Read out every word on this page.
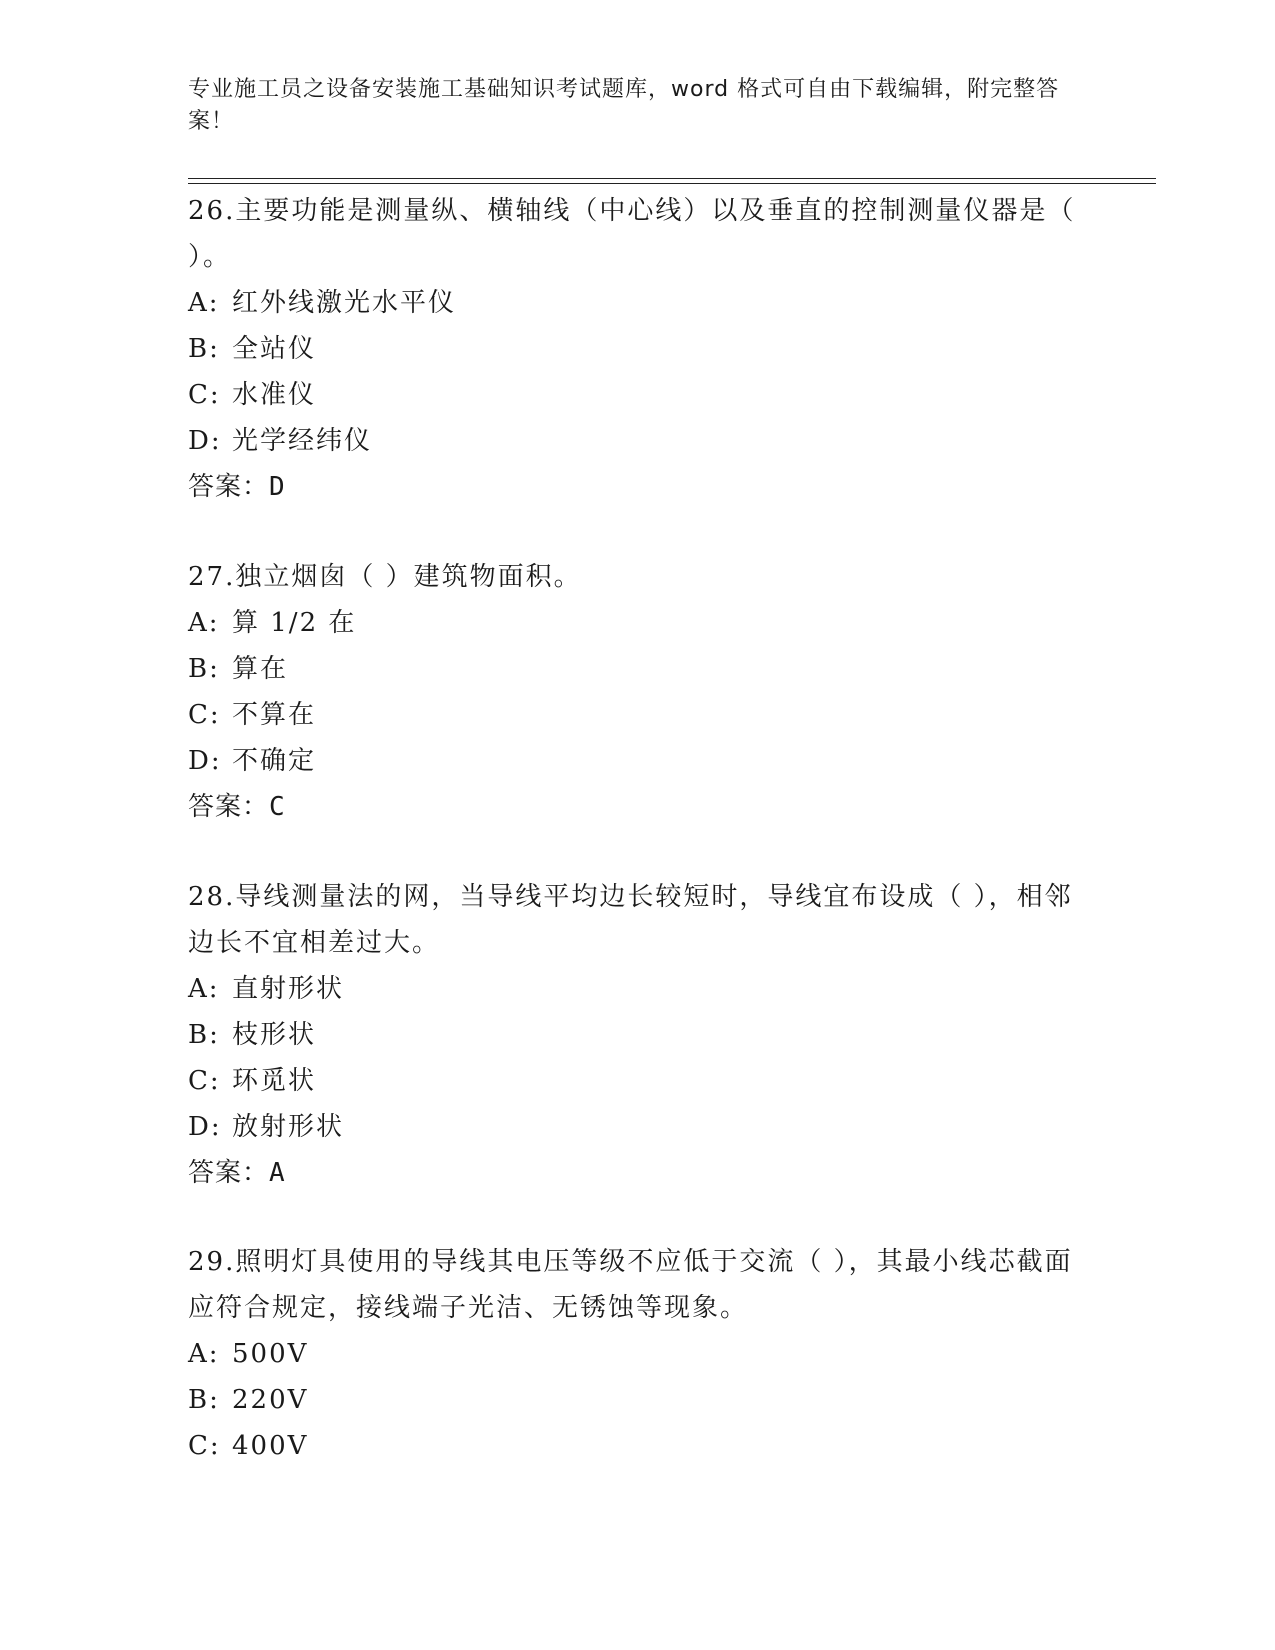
专业施工员之设备安装施工基础知识考试题库，word 格式可自由下载编辑，附完整答案！

26.主要功能是测量纵、横轴线（中心线）以及垂直的控制测量仪器是（ ）。

A: 红外线激光水平仪

B: 全站仪

C: 水准仪

D: 光学经纬仪

答案：D

27.独立烟囱（ ）建筑物面积。

A: 算 1/2 在

B: 算在

C: 不算在

D: 不确定

答案：C

28.导线测量法的网，当导线平均边长较短时，导线宜布设成（ ），相邻边长不宜相差过大。

A: 直射形状

B: 枝形状

C: 环觅状

D: 放射形状

答案：A

29.照明灯具使用的导线其电压等级不应低于交流（ ），其最小线芯截面应符合规定，接线端子光洁、无锈蚀等现象。

A: 500V

B: 220V

C: 400V
